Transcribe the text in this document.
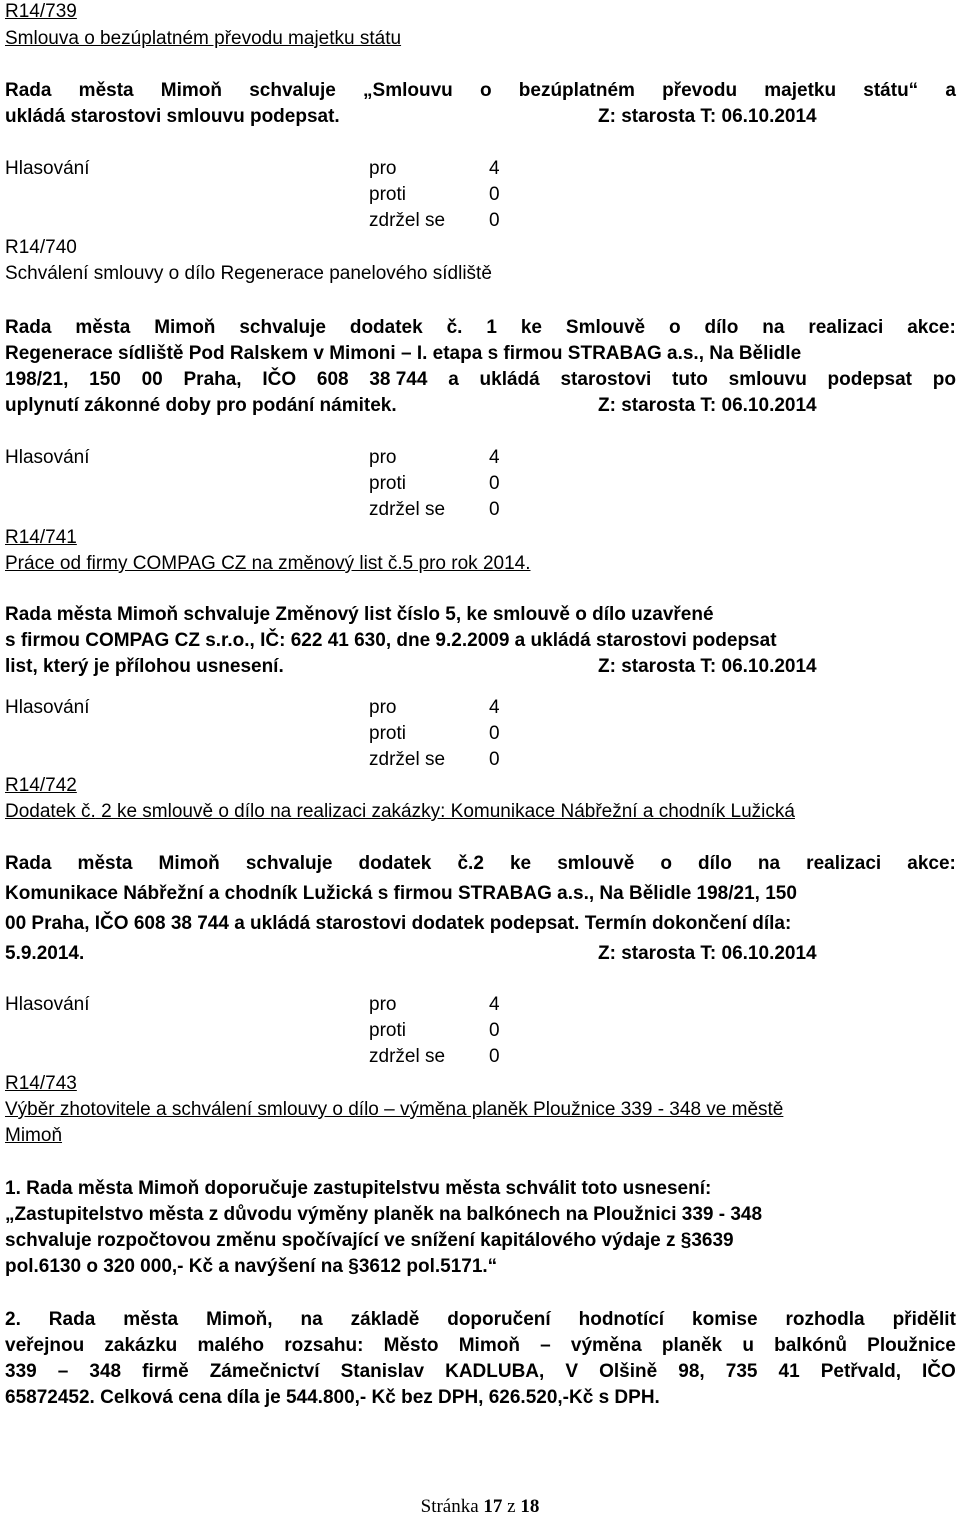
R14/739
Smlouva o bezúplatném převodu majetku státu
Rada města Mimoň schvaluje „Smlouvu o bezúplatném převodu majetku státu“ a
ukládá starostovi smlouvu podepsat.	Z: starosta T: 06.10.2014
Hlasování	pro	4
proti	0
zdržel se 0
R14/740
Schválení smlouvy o dílo Regenerace panelového sídliště
Rada města Mimoň schvaluje dodatek č. 1 ke Smlouvě o dílo na realizaci akce:
Regenerace sídliště Pod Ralskem v Mimoni – I. etapa s firmou STRABAG a.s., Na Bělidle
198/21, 150 00 Praha, IČO 608 38 744 a ukládá starostovi tuto smlouvu podepsat po
uplynutí zákonné doby pro podání námitek.	Z: starosta T: 06.10.2014
Hlasování	pro	4
proti	0
zdržel se 0
R14/741
Práce od firmy COMPAG CZ na změnový list č.5 pro rok 2014.
Rada města Mimoň schvaluje Změnový list číslo 5, ke smlouvě o dílo uzavřené
s firmou COMPAG CZ s.r.o., IČ: 622 41 630, dne 9.2.2009 a ukládá starostovi podepsat
list, který je přílohou usnesení.	Z: starosta T: 06.10.2014
Hlasování	pro	4
proti	0
zdržel se 0
R14/742
Dodatek č. 2 ke smlouvě o dílo na realizaci zakázky: Komunikace Nábřežní a chodník Lužická
Rada města Mimoň schvaluje dodatek č.2 ke smlouvě o dílo na realizaci akce:
Komunikace Nábřežní a chodník Lužická s firmou STRABAG a.s., Na Bělidle 198/21, 150
00 Praha, IČO 608 38 744 a ukládá starostovi dodatek podepsat. Termín dokončení díla:
5.9.2014.	Z: starosta T: 06.10.2014
Hlasování	pro	4
proti	0
zdržel se 0
R14/743
Výběr zhotovitele a schválení smlouvy o dílo – výměna planěk Ploužnice 339 - 348 ve městě
Mimoň
1. Rada města Mimoň doporučuje zastupitelstvu města schválit toto usnesení:
„Zastupitelstvo města z důvodu výměny planěk na balkónech na Ploužnici 339 - 348
schvaluje rozpočtovou změnu spočívající ve snížení kapitálového výdaje z §3639
pol.6130 o 320 000,- Kč a navýšení na §3612 pol.5171.“
2. Rada města Mimoň, na základě doporučení hodnotící komise rozhodla přidělit
veřejnou zakázku malého rozsahu: Město Mimoň – výměna planěk u balkónů Ploužnice
339 – 348 firmě Zámečnictví Stanislav KADLUBA, V Olšině 98, 735 41 Petřvald, IČO
65872452. Celková cena díla je 544.800,- Kč bez DPH, 626.520,-Kč s DPH.
Stránka 17 z 18
